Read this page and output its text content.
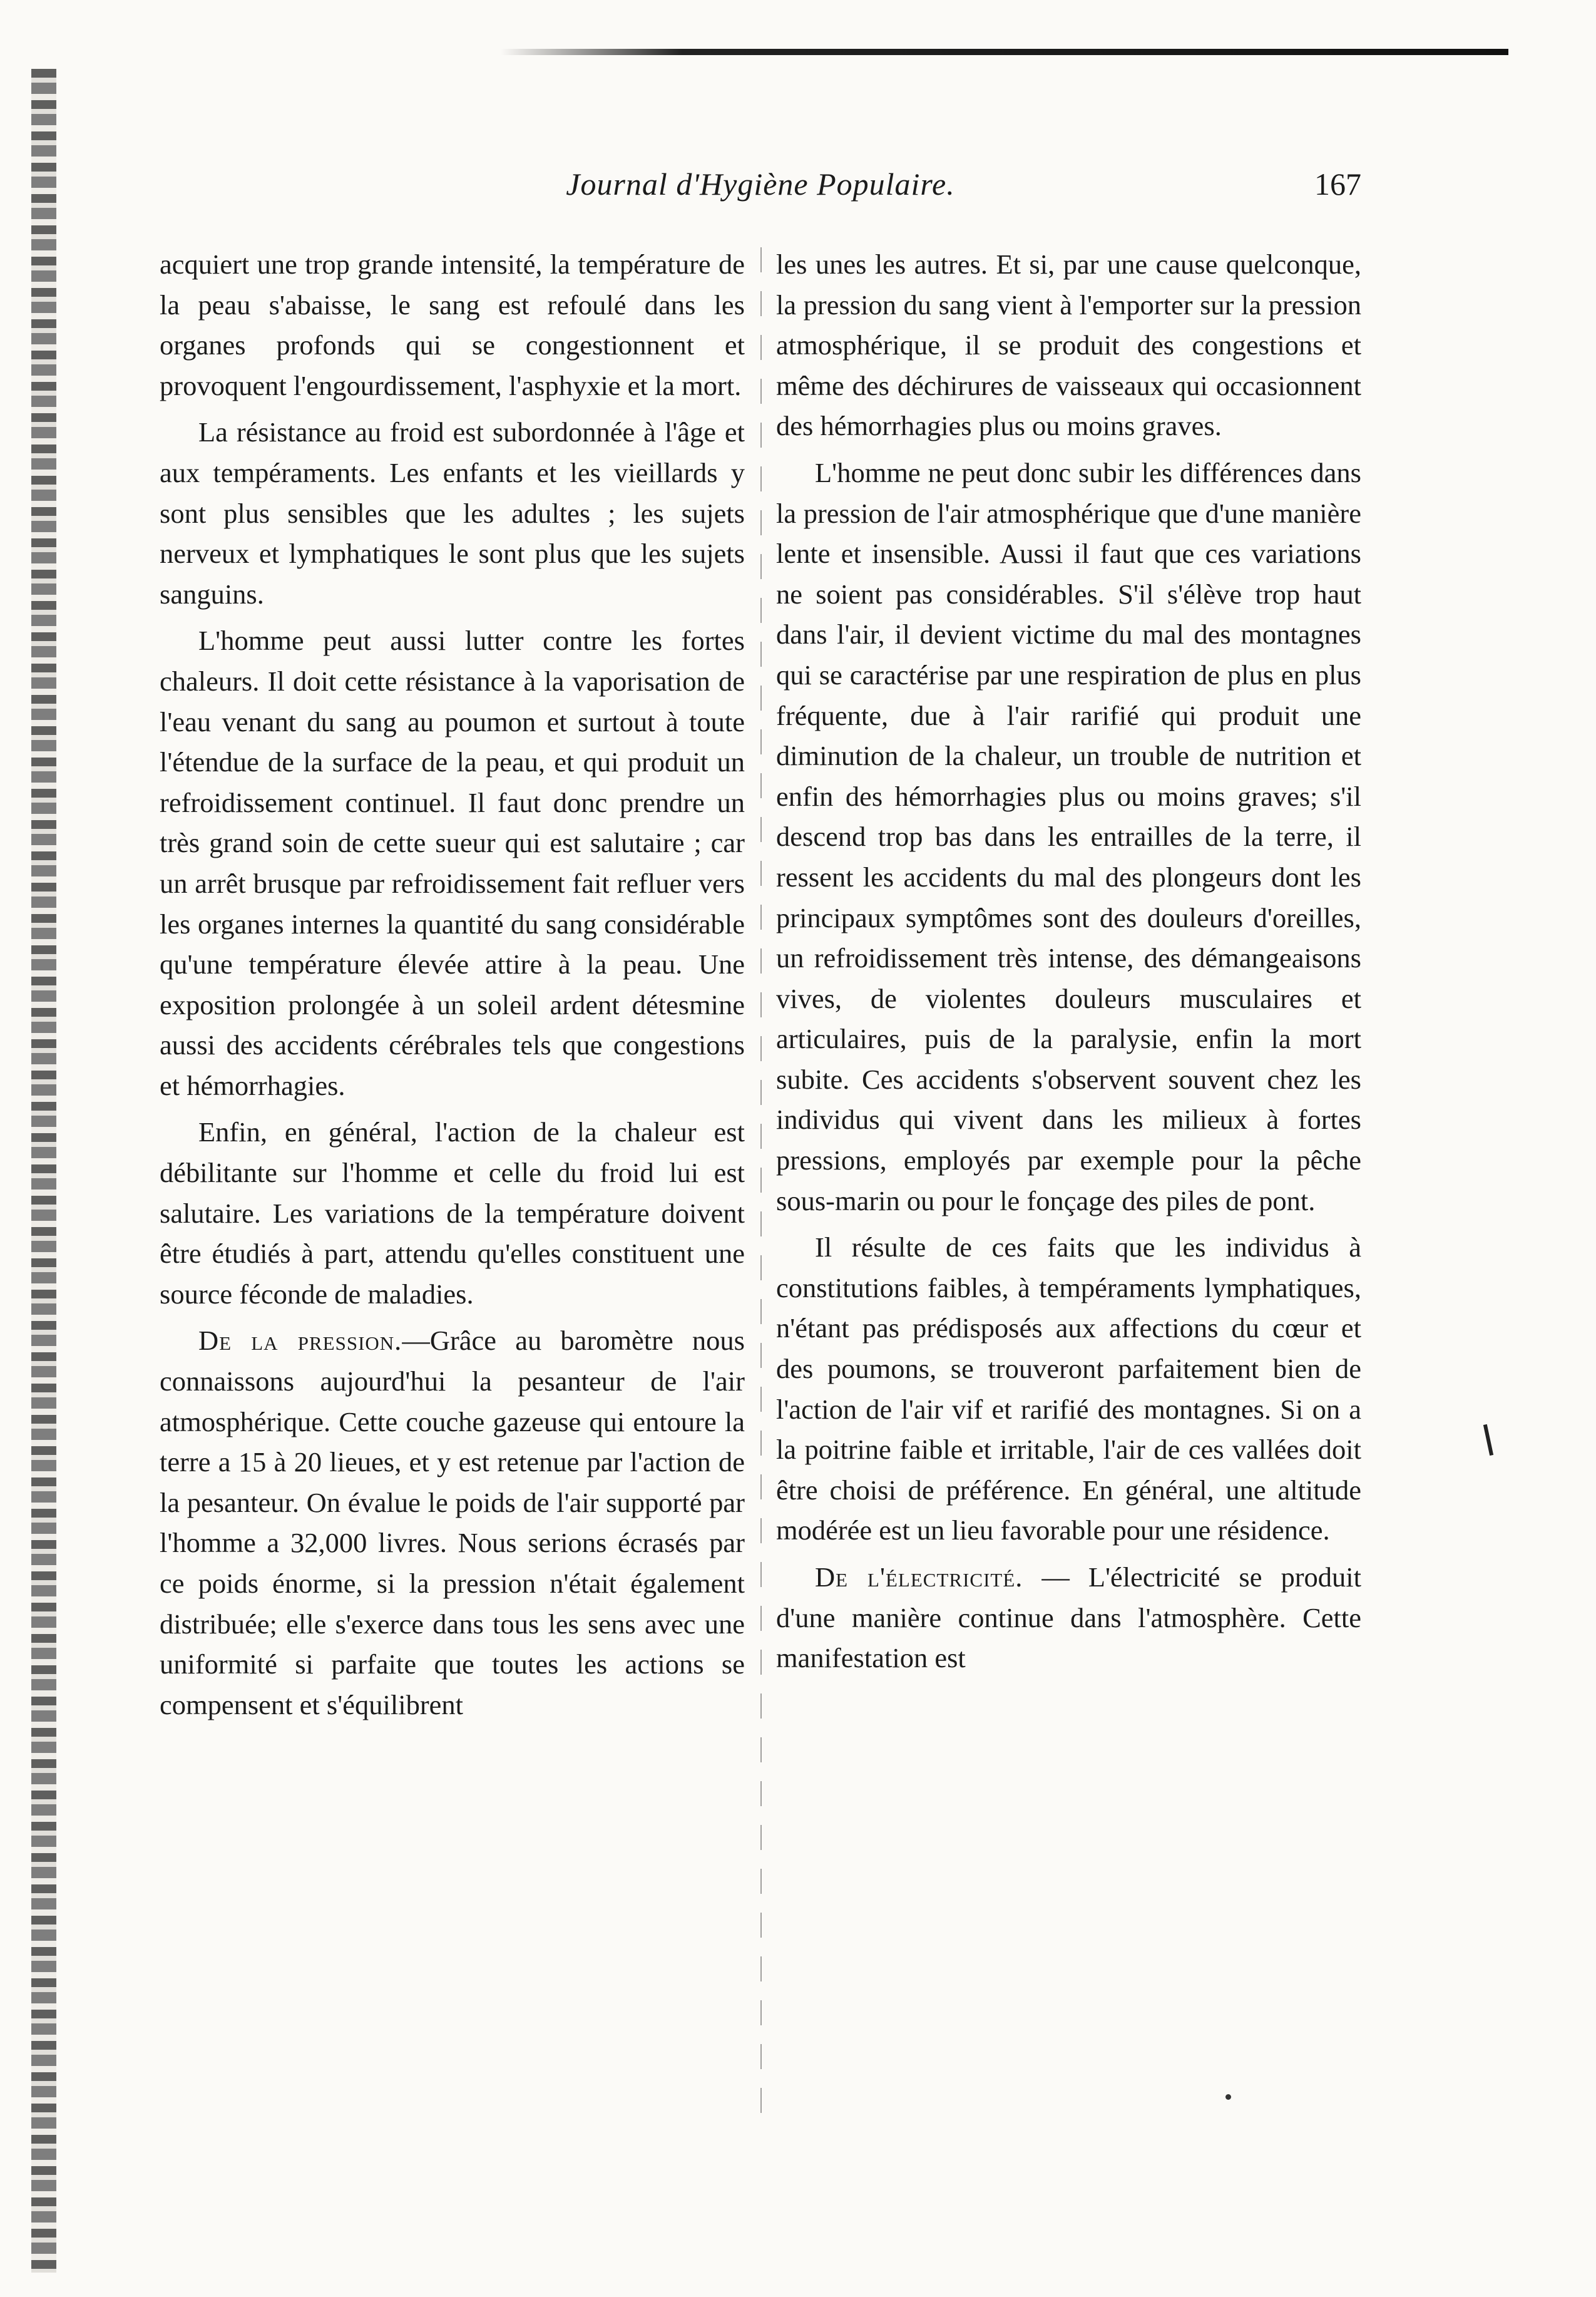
Journal d'Hygiène Populaire.	167

acquiert une trop grande intensité, la température de la peau s'abaisse, le sang est refoulé dans les organes profonds qui se congestionnent et provoquent l'engourdissement, l'asphyxie et la mort.

La résistance au froid est subordonnée à l'âge et aux tempéraments. Les enfants et les vieillards y sont plus sensibles que les adultes ; les sujets nerveux et lymphatiques le sont plus que les sujets sanguins.

L'homme peut aussi lutter contre les fortes chaleurs. Il doit cette résistance à la vaporisation de l'eau venant du sang au poumon et surtout à toute l'étendue de la surface de la peau, et qui produit un refroidissement continuel. Il faut donc prendre un très grand soin de cette sueur qui est salutaire ; car un arrêt brusque par refroidissement fait refluer vers les organes internes la quantité du sang considérable qu'une température élevée attire à la peau. Une exposition prolongée à un soleil ardent détesmine aussi des accidents cérébrales tels que congestions et hémorrhagies.

Enfin, en général, l'action de la chaleur est débilitante sur l'homme et celle du froid lui est salutaire. Les variations de la température doivent être étudiés à part, attendu qu'elles constituent une source féconde de maladies.

De la pression.—Grâce au baromètre nous connaissons aujourd'hui la pesanteur de l'air atmosphérique. Cette couche gazeuse qui entoure la terre a 15 à 20 lieues, et y est retenue par l'action de la pesanteur. On évalue le poids de l'air supporté par l'homme a 32,000 livres. Nous serions écrasés par ce poids énorme, si la pression n'était également distribuée; elle s'exerce dans tous les sens avec une uniformité si parfaite que toutes les actions se compensent et s'équilibrent

les unes les autres. Et si, par une cause quelconque, la pression du sang vient à l'emporter sur la pression atmosphérique, il se produit des congestions et même des déchirures de vaisseaux qui occasionnent des hémorrhagies plus ou moins graves.

L'homme ne peut donc subir les différences dans la pression de l'air atmosphérique que d'une manière lente et insensible. Aussi il faut que ces variations ne soient pas considérables. S'il s'élève trop haut dans l'air, il devient victime du mal des montagnes qui se caractérise par une respiration de plus en plus fréquente, due à l'air rarifié qui produit une diminution de la chaleur, un trouble de nutrition et enfin des hémorrhagies plus ou moins graves; s'il descend trop bas dans les entrailles de la terre, il ressent les accidents du mal des plongeurs dont les principaux symptômes sont des douleurs d'oreilles, un refroidissement très intense, des démangeaisons vives, de violentes douleurs musculaires et articulaires, puis de la paralysie, enfin la mort subite. Ces accidents s'observent souvent chez les individus qui vivent dans les milieux à fortes pressions, employés par exemple pour la pêche sous-marin ou pour le fonçage des piles de pont.

Il résulte de ces faits que les individus à constitutions faibles, à tempéraments lymphatiques, n'étant pas prédisposés aux affections du cœur et des poumons, se trouveront parfaitement bien de l'action de l'air vif et rarifié des montagnes. Si on a la poitrine faible et irritable, l'air de ces vallées doit être choisi de préférence. En général, une altitude modérée est un lieu favorable pour une résidence.

De l'électricité. — L'électricité se produit d'une manière continue dans l'atmosphère. Cette manifestation est
